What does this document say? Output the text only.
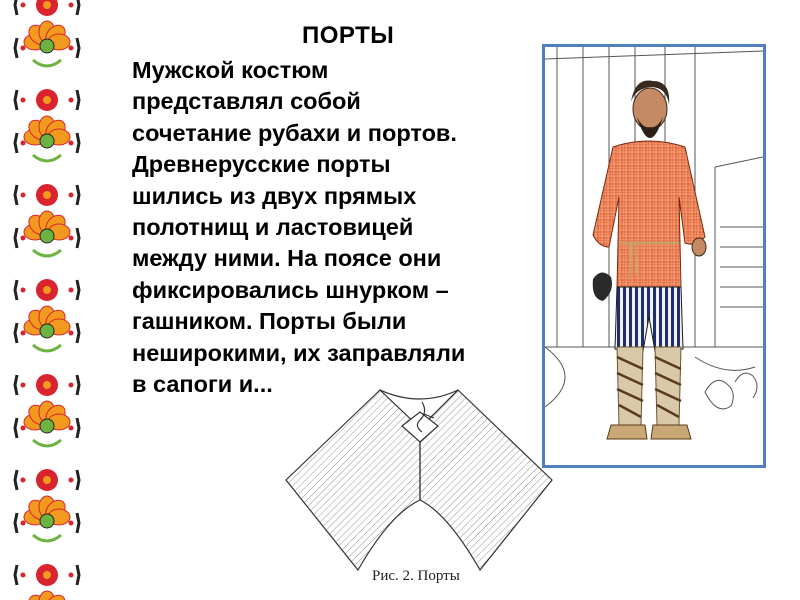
ПОРТЫ
Мужской костюм
представлял собой
сочетание рубахи и портов.
Древнерусские порты
шились из двух прямых
полотнищ и ластовицей
между ними. На поясе они
фиксировались шнурком –
гашником. Порты были
неширокими, их заправляли
в сапоги и...
Рис. 2. Порты
